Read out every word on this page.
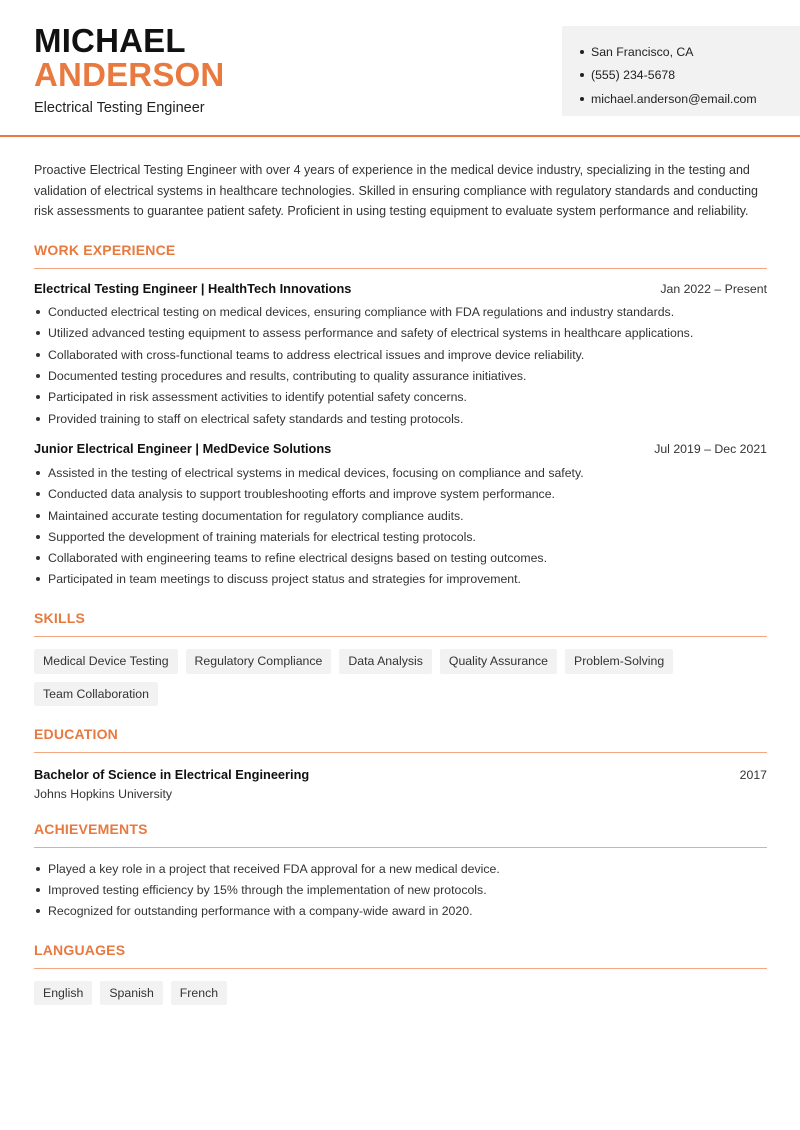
MICHAEL
ANDERSON
Electrical Testing Engineer
San Francisco, CA
(555) 234-5678
michael.anderson@email.com

Proactive Electrical Testing Engineer with over 4 years of experience in the medical device industry, specializing in the testing and validation of electrical systems in healthcare technologies. Skilled in ensuring compliance with regulatory standards and conducting risk assessments to guarantee patient safety. Proficient in using testing equipment to evaluate system performance and reliability.

WORK EXPERIENCE
Electrical Testing Engineer | HealthTech Innovations	Jan 2022 – Present
Conducted electrical testing on medical devices, ensuring compliance with FDA regulations and industry standards.
Utilized advanced testing equipment to assess performance and safety of electrical systems in healthcare applications.
Collaborated with cross-functional teams to address electrical issues and improve device reliability.
Documented testing procedures and results, contributing to quality assurance initiatives.
Participated in risk assessment activities to identify potential safety concerns.
Provided training to staff on electrical safety standards and testing protocols.
Junior Electrical Engineer | MedDevice Solutions	Jul 2019 – Dec 2021
Assisted in the testing of electrical systems in medical devices, focusing on compliance and safety.
Conducted data analysis to support troubleshooting efforts and improve system performance.
Maintained accurate testing documentation for regulatory compliance audits.
Supported the development of training materials for electrical testing protocols.
Collaborated with engineering teams to refine electrical designs based on testing outcomes.
Participated in team meetings to discuss project status and strategies for improvement.
SKILLS
Medical Device Testing	Regulatory Compliance	Data Analysis	Quality Assurance	Problem-Solving
Team Collaboration
EDUCATION
Bachelor of Science in Electrical Engineering	2017
Johns Hopkins University
ACHIEVEMENTS
Played a key role in a project that received FDA approval for a new medical device.
Improved testing efficiency by 15% through the implementation of new protocols.
Recognized for outstanding performance with a company-wide award in 2020.
LANGUAGES
English	Spanish	French
